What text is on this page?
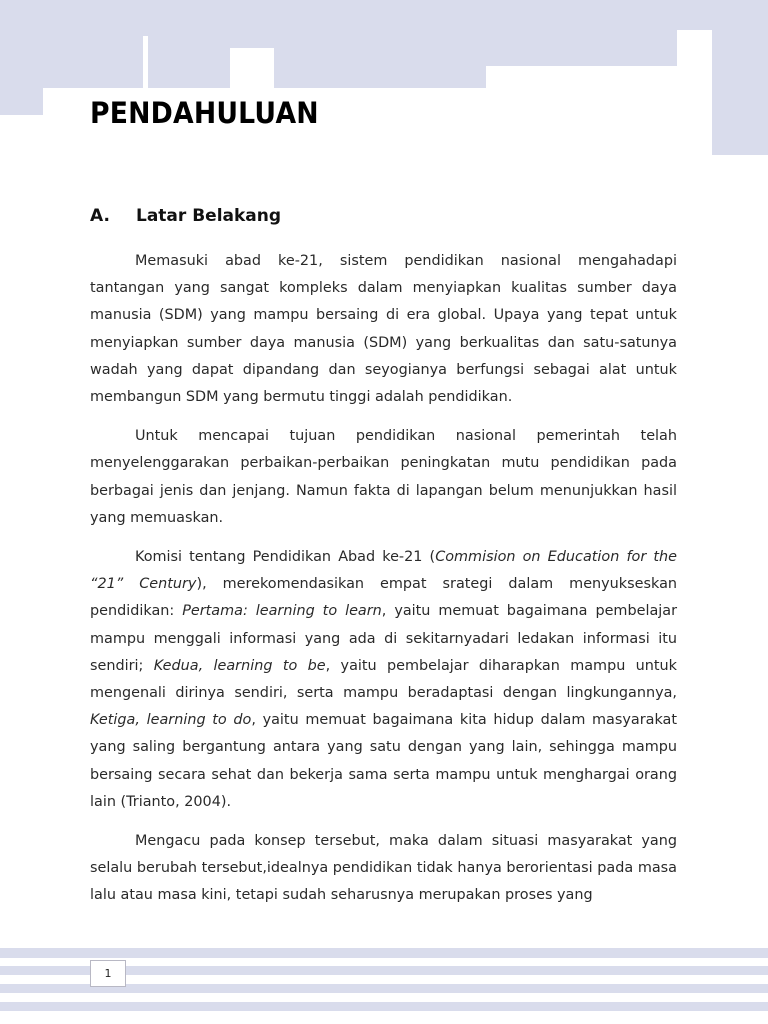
PENDAHULUAN
A. Latar Belakang

Memasuki abad ke-21, sistem pendidikan nasional mengahadapi tantangan yang sangat kompleks dalam menyiapkan kualitas sumber daya manusia (SDM) yang mampu bersaing di era global. Upaya yang tepat untuk menyiapkan sumber daya manusia (SDM) yang berkualitas dan satu-satunya wadah yang dapat dipandang dan seyogianya berfungsi sebagai alat untuk membangun SDM yang bermutu tinggi adalah pendidikan.

Untuk mencapai tujuan pendidikan nasional pemerintah telah menyelenggarakan perbaikan-perbaikan peningkatan mutu pendidikan pada berbagai jenis dan jenjang. Namun fakta di lapangan belum menunjukkan hasil yang memuaskan.

Komisi tentang Pendidikan Abad ke-21 (Commision on Education for the “21” Century), merekomendasikan empat srategi dalam menyukseskan pendidikan: Pertama: learning to learn, yaitu memuat bagaimana pembelajar mampu menggali informasi yang ada di sekitarnyadari ledakan informasi itu sendiri; Kedua, learning to be, yaitu pembelajar diharapkan mampu untuk mengenali dirinya sendiri, serta mampu beradaptasi dengan lingkungannya, Ketiga, learning to do, yaitu memuat bagaimana kita hidup dalam masyarakat yang saling bergantung antara yang satu dengan yang lain, sehingga mampu bersaing secara sehat dan bekerja sama serta mampu untuk menghargai orang lain (Trianto, 2004).

Mengacu pada konsep tersebut, maka dalam situasi masyarakat yang selalu berubah tersebut,idealnya pendidikan tidak hanya berorientasi pada masa lalu atau masa kini, tetapi sudah seharusnya merupakan proses yang

1
